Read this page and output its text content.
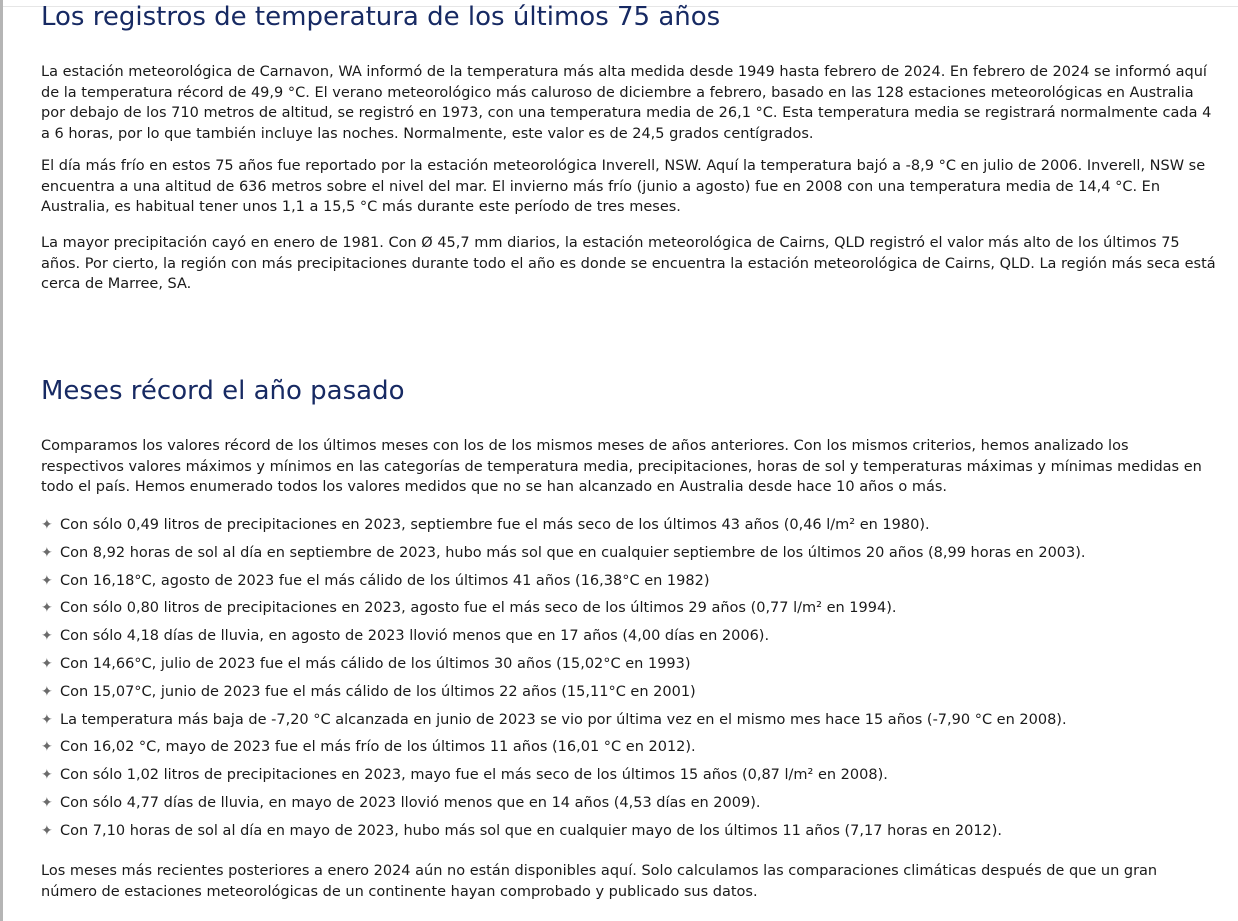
Los registros de temperatura de los últimos 75 años

La estación meteorológica de Carnavon, WA informó de la temperatura más alta medida desde 1949 hasta febrero de 2024. En febrero de 2024 se informó aquí de la temperatura récord de 49,9 °C. El verano meteorológico más caluroso de diciembre a febrero, basado en las 128 estaciones meteorológicas en Australia por debajo de los 710 metros de altitud, se registró en 1973, con una temperatura media de 26,1 °C. Esta temperatura media se registrará normalmente cada 4 a 6 horas, por lo que también incluye las noches. Normalmente, este valor es de 24,5 grados centígrados.

El día más frío en estos 75 años fue reportado por la estación meteorológica Inverell, NSW. Aquí la temperatura bajó a -8,9 °C en julio de 2006. Inverell, NSW se encuentra a una altitud de 636 metros sobre el nivel del mar. El invierno más frío (junio a agosto) fue en 2008 con una temperatura media de 14,4 °C. En Australia, es habitual tener unos 1,1 a 15,5 °C más durante este período de tres meses.

La mayor precipitación cayó en enero de 1981. Con Ø 45,7 mm diarios, la estación meteorológica de Cairns, QLD registró el valor más alto de los últimos 75 años. Por cierto, la región con más precipitaciones durante todo el año es donde se encuentra la estación meteorológica de Cairns, QLD. La región más seca está cerca de Marree, SA.

Meses récord el año pasado

Comparamos los valores récord de los últimos meses con los de los mismos meses de años anteriores. Con los mismos criterios, hemos analizado los respectivos valores máximos y mínimos en las categorías de temperatura media, precipitaciones, horas de sol y temperaturas máximas y mínimas medidas en todo el país. Hemos enumerado todos los valores medidos que no se han alcanzado en Australia desde hace 10 años o más.

✦ Con sólo 0,49 litros de precipitaciones en 2023, septiembre fue el más seco de los últimos 43 años (0,46 l/m² en 1980).
✦ Con 8,92 horas de sol al día en septiembre de 2023, hubo más sol que en cualquier septiembre de los últimos 20 años (8,99 horas en 2003).
✦ Con 16,18°C, agosto de 2023 fue el más cálido de los últimos 41 años (16,38°C en 1982)
✦ Con sólo 0,80 litros de precipitaciones en 2023, agosto fue el más seco de los últimos 29 años (0,77 l/m² en 1994).
✦ Con sólo 4,18 días de lluvia, en agosto de 2023 llovió menos que en 17 años (4,00 días en 2006).
✦ Con 14,66°C, julio de 2023 fue el más cálido de los últimos 30 años (15,02°C en 1993)
✦ Con 15,07°C, junio de 2023 fue el más cálido de los últimos 22 años (15,11°C en 2001)
✦ La temperatura más baja de -7,20 °C alcanzada en junio de 2023 se vio por última vez en el mismo mes hace 15 años (-7,90 °C en 2008).
✦ Con 16,02 °C, mayo de 2023 fue el más frío de los últimos 11 años (16,01 °C en 2012).
✦ Con sólo 1,02 litros de precipitaciones en 2023, mayo fue el más seco de los últimos 15 años (0,87 l/m² en 2008).
✦ Con sólo 4,77 días de lluvia, en mayo de 2023 llovió menos que en 14 años (4,53 días en 2009).
✦ Con 7,10 horas de sol al día en mayo de 2023, hubo más sol que en cualquier mayo de los últimos 11 años (7,17 horas en 2012).

Los meses más recientes posteriores a enero 2024 aún no están disponibles aquí. Solo calculamos las comparaciones climáticas después de que un gran número de estaciones meteorológicas de un continente hayan comprobado y publicado sus datos.
